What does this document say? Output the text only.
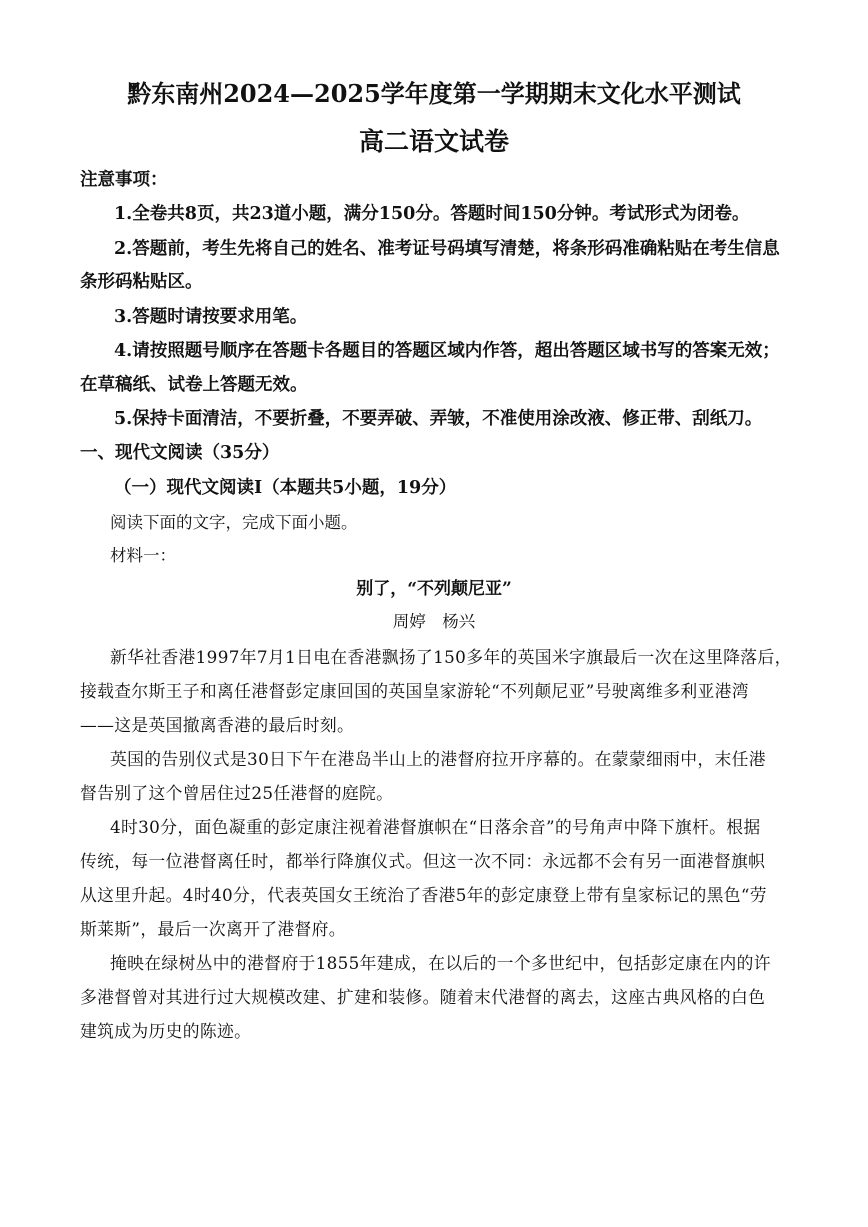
黔东南州2024—2025学年度第一学期期末文化水平测试
高二语文试卷
注意事项：
1.全卷共8页，共23道小题，满分150分。答题时间150分钟。考试形式为闭卷。
2.答题前，考生先将自己的姓名、准考证号码填写清楚，将条形码准确粘贴在考生信息
条形码粘贴区。
3.答题时请按要求用笔。
4.请按照题号顺序在答题卡各题目的答题区域内作答，超出答题区域书写的答案无效；
在草稿纸、试卷上答题无效。
5.保持卡面清洁，不要折叠，不要弄破、弄皱，不准使用涂改液、修正带、刮纸刀。
一、现代文阅读（35分）
（一）现代文阅读Ⅰ（本题共5小题，19分）
阅读下面的文字，完成下面小题。
材料一：
别了，“不列颠尼亚”
周婷　杨兴
新华社香港1997年7月1日电在香港飘扬了150多年的英国米字旗最后一次在这里降落后，
接载查尔斯王子和离任港督彭定康回国的英国皇家游轮“不列颠尼亚”号驶离维多利亚港湾
——这是英国撤离香港的最后时刻。
英国的告别仪式是30日下午在港岛半山上的港督府拉开序幕的。在蒙蒙细雨中，末任港
督告别了这个曾居住过25任港督的庭院。
4时30分，面色凝重的彭定康注视着港督旗帜在“日落余音”的号角声中降下旗杆。根据
传统，每一位港督离任时，都举行降旗仪式。但这一次不同：永远都不会有另一面港督旗帜
从这里升起。4时40分，代表英国女王统治了香港5年的彭定康登上带有皇家标记的黑色“劳
斯莱斯”，最后一次离开了港督府。
掩映在绿树丛中的港督府于1855年建成，在以后的一个多世纪中，包括彭定康在内的许
多港督曾对其进行过大规模改建、扩建和装修。随着末代港督的离去，这座古典风格的白色
建筑成为历史的陈迹。
